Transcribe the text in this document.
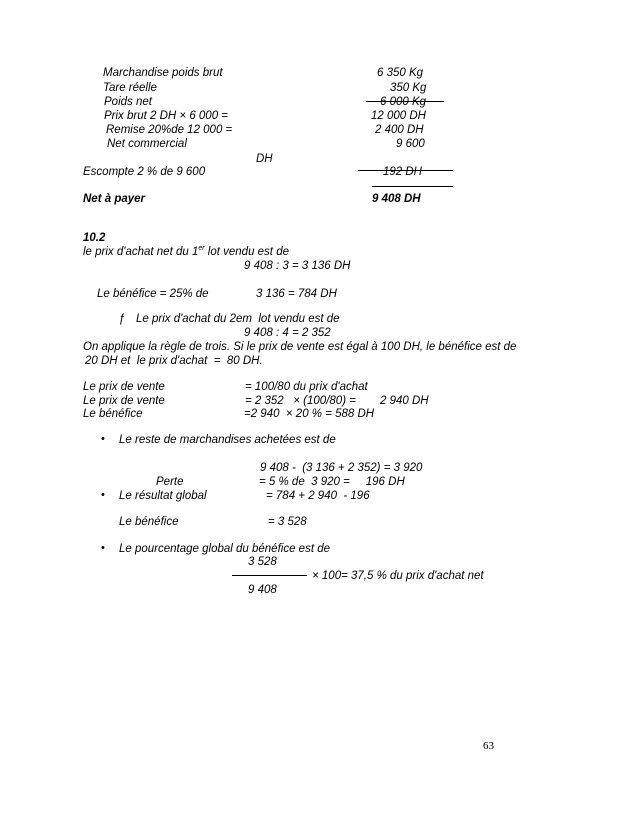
Marchandise poids brut	6 350 Kg
Tare réelle	350 Kg
Poids net	6 000 Kg
Prix brut 2 DH × 6 000 =	12 000 DH
Remise 20%de 12 000 =	2 400 DH
Net commercial	9 600
DH
Escompte 2 % de 9 600	192 DH
Net à payer	9 408 DH
10.2
le prix d'achat net du 1er lot vendu est de
9 408 : 3 = 3 136 DH
Le bénéfice = 25% de	3 136 = 784 DH
ƒ Le prix d'achat du 2em  lot vendu est de
9 408 : 4 = 2 352
On applique la règle de trois. Si le prix de vente est égal à 100 DH, le bénéfice est de
20 DH et  le prix d'achat  =  80 DH.
Le prix de vente	= 100/80 du prix d'achat
Le prix de vente	= 2 352   × (100/80) = 2 940 DH
Le bénéfice	=2 940  × 20 % = 588 DH
• Le reste de marchandises achetées est de
9 408 -  (3 136 + 2 352) = 3 920
Perte	= 5 % de  3 920 =     196 DH
• Le résultat global	= 784 + 2 940  - 196
Le bénéfice	= 3 528
• Le pourcentage global du bénéfice est de
3 528
× 100= 37,5 % du prix d'achat net
9 408
63
